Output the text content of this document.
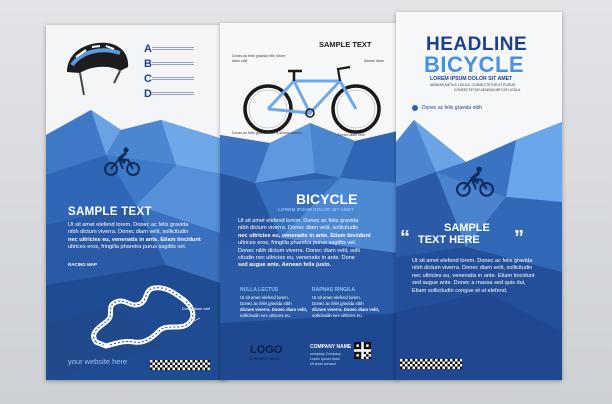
A
B
C
D
SAMPLE TEXT

Ut sit amet elefend lorem. Donec ac felis gravida

nibh dictum viverra. Donec diam velit, sollicitudin

nec ultricies eu, venenatis in ante. Etiam tincidunt

ultrices eros, fringilla pharetra purus sagittis vel.

RACING MAP
Donec diam velit
your website here
SAMPLE TEXT
Donec ac felis gravida nibh Wone diam velit	Wonec diam
Donec ac felis gravida nibh a dictum viverra	Donec diam velit
BICYCLE
LOREM IPSUM DOLOR SIT AMET

Ut sit amet elefend lorem. Donec ac felis gravida

nibh dictum viverra. Donec diam velit, sollicitudin

nec ultricies eu, venenatis in ante. Etiam tincidunt

ultrices eros, fringilla pharetra purus sagittis vel.

Donec nibh dictum viverra. Donec diam velit, solli

citudin nec ultricies eu, venenatis in ante. Done

sed augue ante. Aenean felis justo.

NULLA LECTUS

Ut sit amet elefend lorem.

Donec ac felis gravida nibh

dictum viverra. Donec diam velit,

sollicitudin nec ultricies eu.

RAPNAS RINGILA

Ut sit amet elefend lorem.

Donec ac felis gravida nibh

dictum viverra. Donec diam velit,

sollicitudin nec ultricies eu.

LOGO
COMPANY NAME
COMPANY NAME
company Company
Lorem ipsum dolor
sit amet consect
HEADLINE
BICYCLE
LOREM IPSUM DOLOR SIT AMET
AENEAN METUS LIGULA, CONSECTETUR AT PURUS
CONSECTETUR AENEAN METUS LIGULA
Donec ac felis gravida nibh
“	SAMPLE
TEXT HERE ”

Ut sit amet elefend lorem. Donec ac felis gravida

nibh dictum viverra. Donec diam velit, sollicitudin

nec ultricies eu, venenatis in ante. Etiam tincidunt

sed augue ante. Donec a massa sed quis dui,

Etiam sollicitudin congue et ut elefend.
